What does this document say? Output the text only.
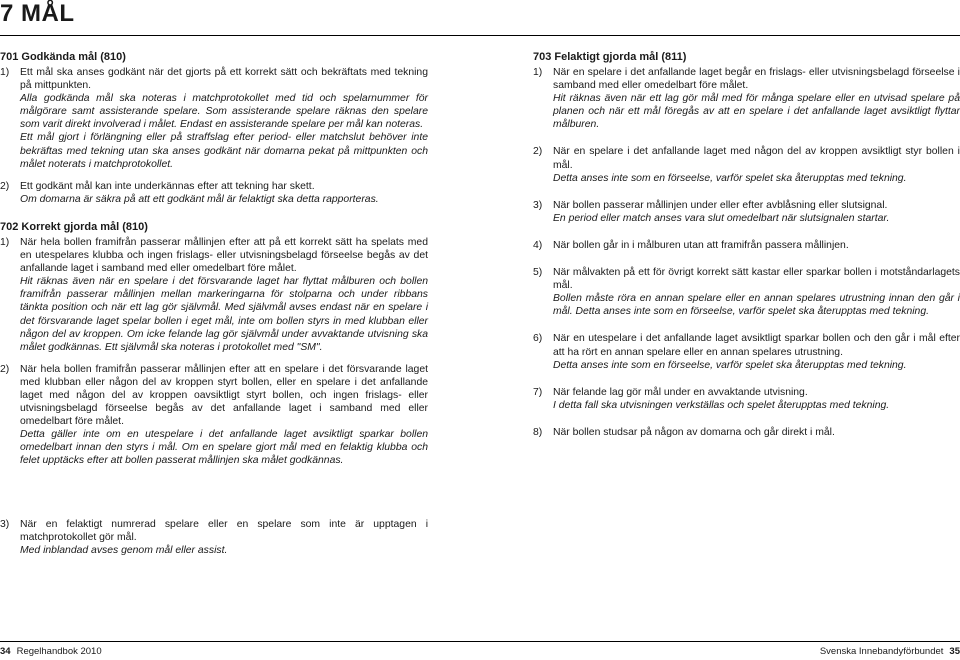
7 MÅL
701 Godkända mål (810)
1)	Ett mål ska anses godkänt när det gjorts på ett korrekt sätt och bekräftats med tekning på mittpunkten.

Alla godkända mål ska noteras i matchprotokollet med tid och spelarnummer för målgörare samt assisterande spelare. Som assisterande spelare räknas den spelare som varit direkt involverad i målet. Endast en assisterande spelare per mål kan noteras.

Ett mål gjort i förlängning eller på straffslag efter period- eller matchslut behöver inte bekräftas med tekning utan ska anses godkänt när domarna pekat på mittpunkten och målet noterats i matchprotokollet.

2)	Ett godkänt mål kan inte underkännas efter att tekning har skett.

Om domarna är säkra på att ett godkänt mål är felaktigt ska detta rapporteras.

702 Korrekt gjorda mål (810)
1)	När hela bollen framifrån passerar mållinjen efter att på ett korrekt sätt ha spelats med en utespelares klubba och ingen frislags- eller utvisningsbelagd förseelse begås av det anfallande laget i samband med eller omedelbart före målet.

Hit räknas även när en spelare i det försvarande laget har flyttat målburen och bollen framifrån passerar mållinjen mellan markeringarna för stolparna och under ribbans tänkta position och när ett lag gör självmål. Med självmål avses endast när en spelare i det försvarande laget spelar bollen i eget mål, inte om bollen styrs in med klubban eller någon del av kroppen. Om icke felande lag gör självmål under avvaktande utvisning ska målet godkännas. Ett självmål ska noteras i protokollet med "SM".

2)	När hela bollen framifrån passerar mållinjen efter att en spelare i det försvarande laget med klubban eller någon del av kroppen styrt bollen, eller en spelare i det anfallande laget med någon del av kroppen oavsiktligt styrt bollen, och ingen frislags- eller utvisningsbelagd förseelse begås av det anfallande laget i samband med eller omedelbart före målet.

Detta gäller inte om en utespelare i det anfallande laget avsiktligt sparkar bollen omedelbart innan den styrs i mål. Om en spelare gjort mål med en felaktig klubba och felet upptäcks efter att bollen passerat mållinjen ska målet godkännas.

3)	När en felaktigt numrerad spelare eller en spelare som inte är upptagen i matchprotokollet gör mål.

Med inblandad avses genom mål eller assist.

703 Felaktigt gjorda mål (811)
1)	När en spelare i det anfallande laget begår en frislags- eller utvisningsbelagd förseelse i samband med eller omedelbart före målet.

Hit räknas även när ett lag gör mål med för många spelare eller en utvisad spelare på planen och när ett mål föregås av att en spelare i det anfallande laget avsiktligt flyttar målburen.

2)	När en spelare i det anfallande laget med någon del av kroppen avsiktligt styr bollen i mål.

Detta anses inte som en förseelse, varför spelet ska återupptas med tekning.

3)	När bollen passerar mållinjen under eller efter avblåsning eller slutsignal.

En period eller match anses vara slut omedelbart när slutsignalen startar.

4)	När bollen går in i målburen utan att framifrån passera mållinjen.

5)	När målvakten på ett för övrigt korrekt sätt kastar eller sparkar bollen i motståndarlagets mål.

Bollen måste röra en annan spelare eller en annan spelares utrustning innan den går i mål. Detta anses inte som en förseelse, varför spelet ska återupptas med tekning.

6)	När en utespelare i det anfallande laget avsiktligt sparkar bollen och den går i mål efter att ha rört en annan spelare eller en annan spelares utrustning.

Detta anses inte som en förseelse, varför spelet ska återupptas med tekning.

7)	När felande lag gör mål under en avvaktande utvisning.

I detta fall ska utvisningen verkställas och spelet återupptas med tekning.

8)	När bollen studsar på någon av domarna och går direkt i mål.

34 Regelhandbok 2010	Svenska Innebandyförbundet 35
